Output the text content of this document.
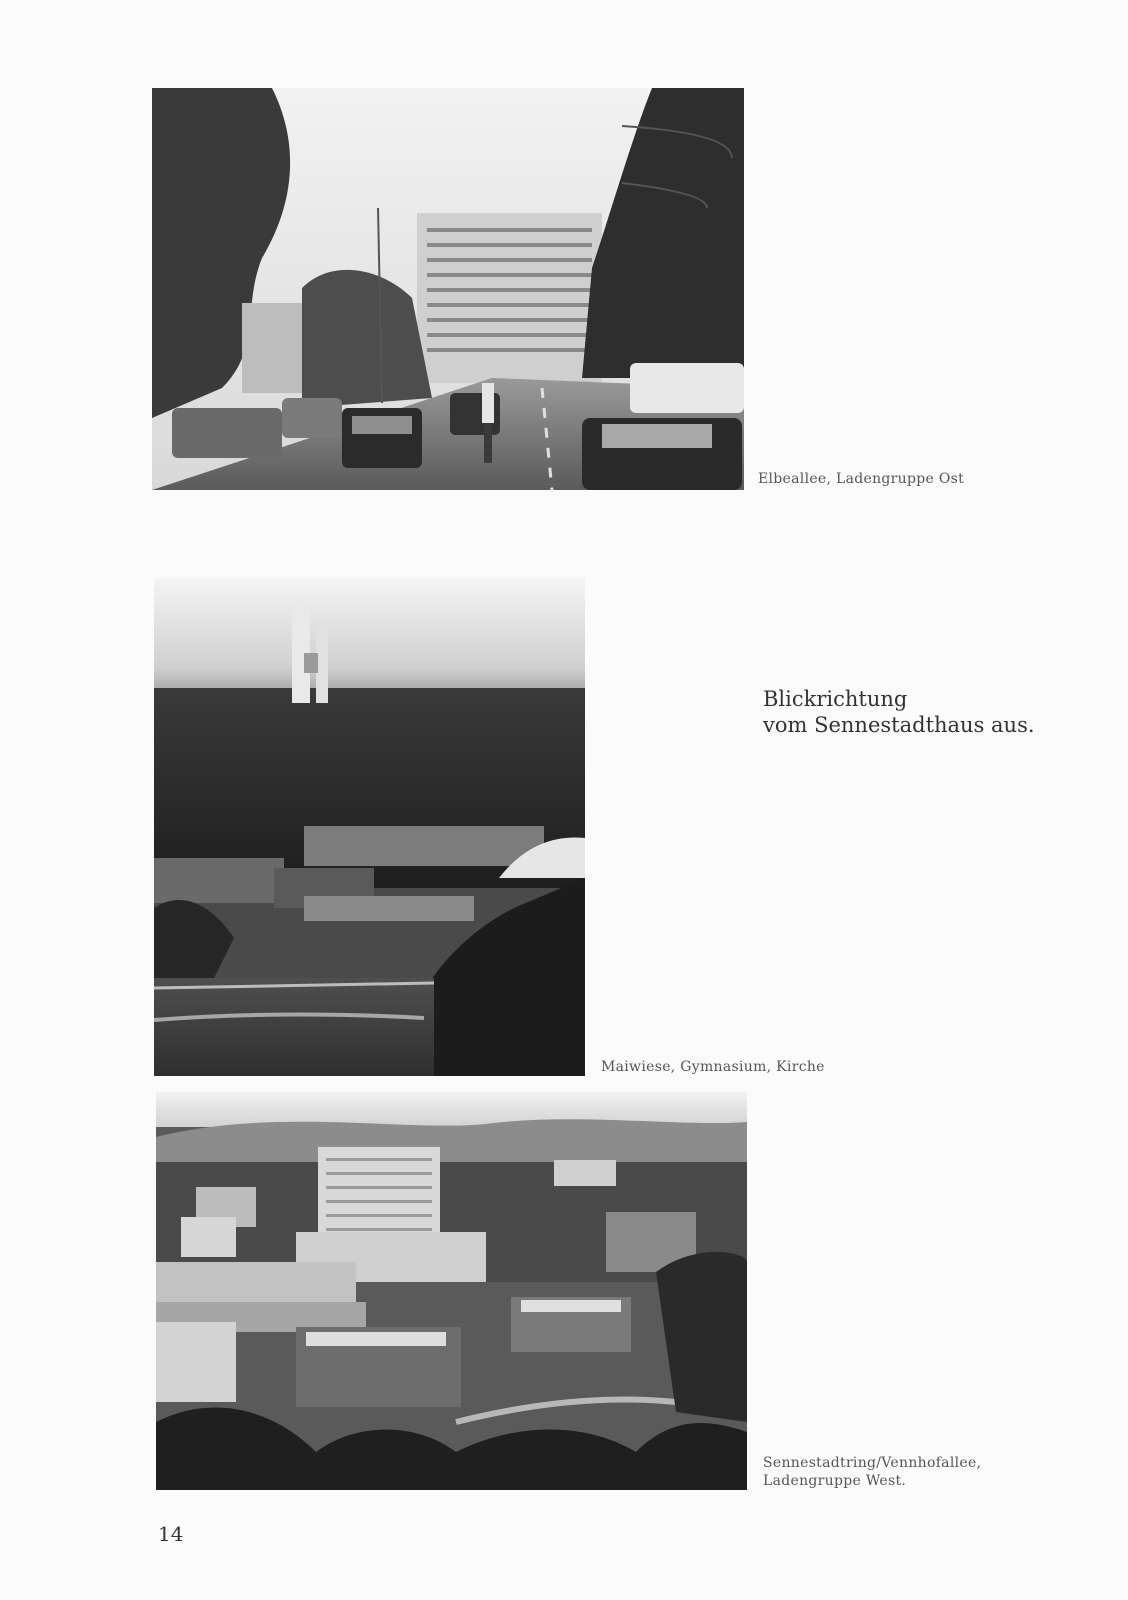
Elbeallee, Ladengruppe Ost
Maiwiese, Gymnasium, Kirche
Blickrichtung
vom Sennestadthaus aus.
Sennestadtring/Vennhofallee,
Ladengruppe West.
14
